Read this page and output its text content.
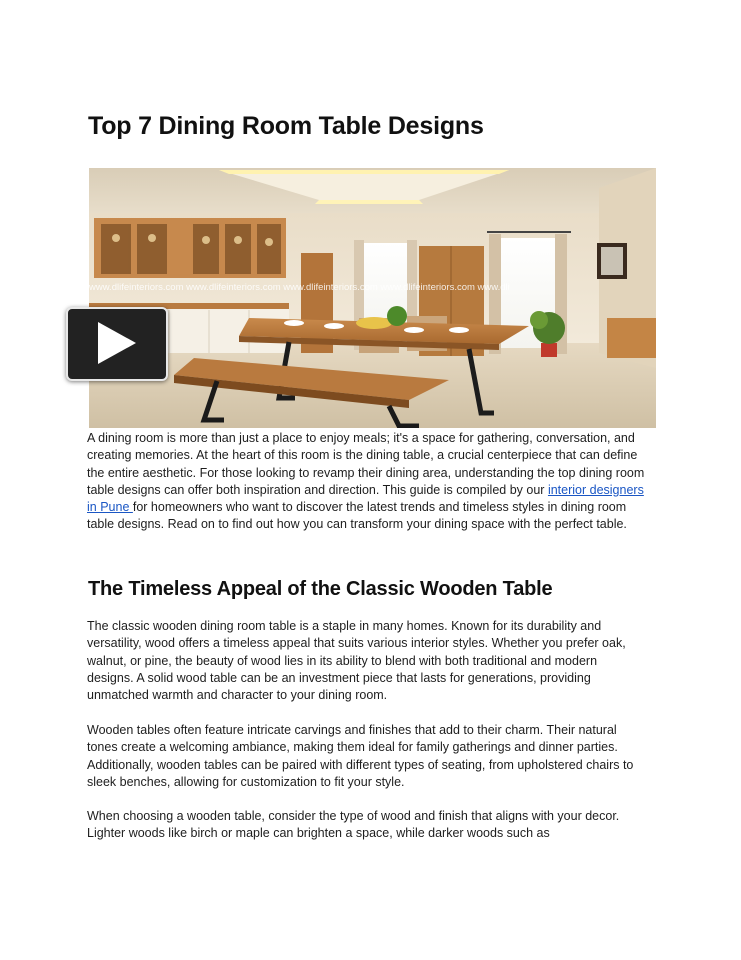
Top 7 Dining Room Table Designs
www.dlifeinteriors.com www.dlifeinteriors.com www.dlifeinteriors.com www.dlifeinteriors.com www.dli

A dining room is more than just a place to enjoy meals; it's a space for gathering, conversation, and creating memories. At the heart of this room is the dining table, a crucial centerpiece that can define the entire aesthetic. For those looking to revamp their dining area, understanding the top dining room table designs can offer both inspiration and direction. This guide is compiled by our interior designers in Pune for homeowners who want to discover the latest trends and timeless styles in dining room table designs. Read on to find out how you can transform your dining space with the perfect table.

The Timeless Appeal of the Classic Wooden Table

The classic wooden dining room table is a staple in many homes. Known for its durability and versatility, wood offers a timeless appeal that suits various interior styles. Whether you prefer oak, walnut, or pine, the beauty of wood lies in its ability to blend with both traditional and modern designs. A solid wood table can be an investment piece that lasts for generations, providing unmatched warmth and character to your dining room.

Wooden tables often feature intricate carvings and finishes that add to their charm. Their natural tones create a welcoming ambiance, making them ideal for family gatherings and dinner parties. Additionally, wooden tables can be paired with different types of seating, from upholstered chairs to sleek benches, allowing for customization to fit your style.

When choosing a wooden table, consider the type of wood and finish that aligns with your decor. Lighter woods like birch or maple can brighten a space, while darker woods such as
